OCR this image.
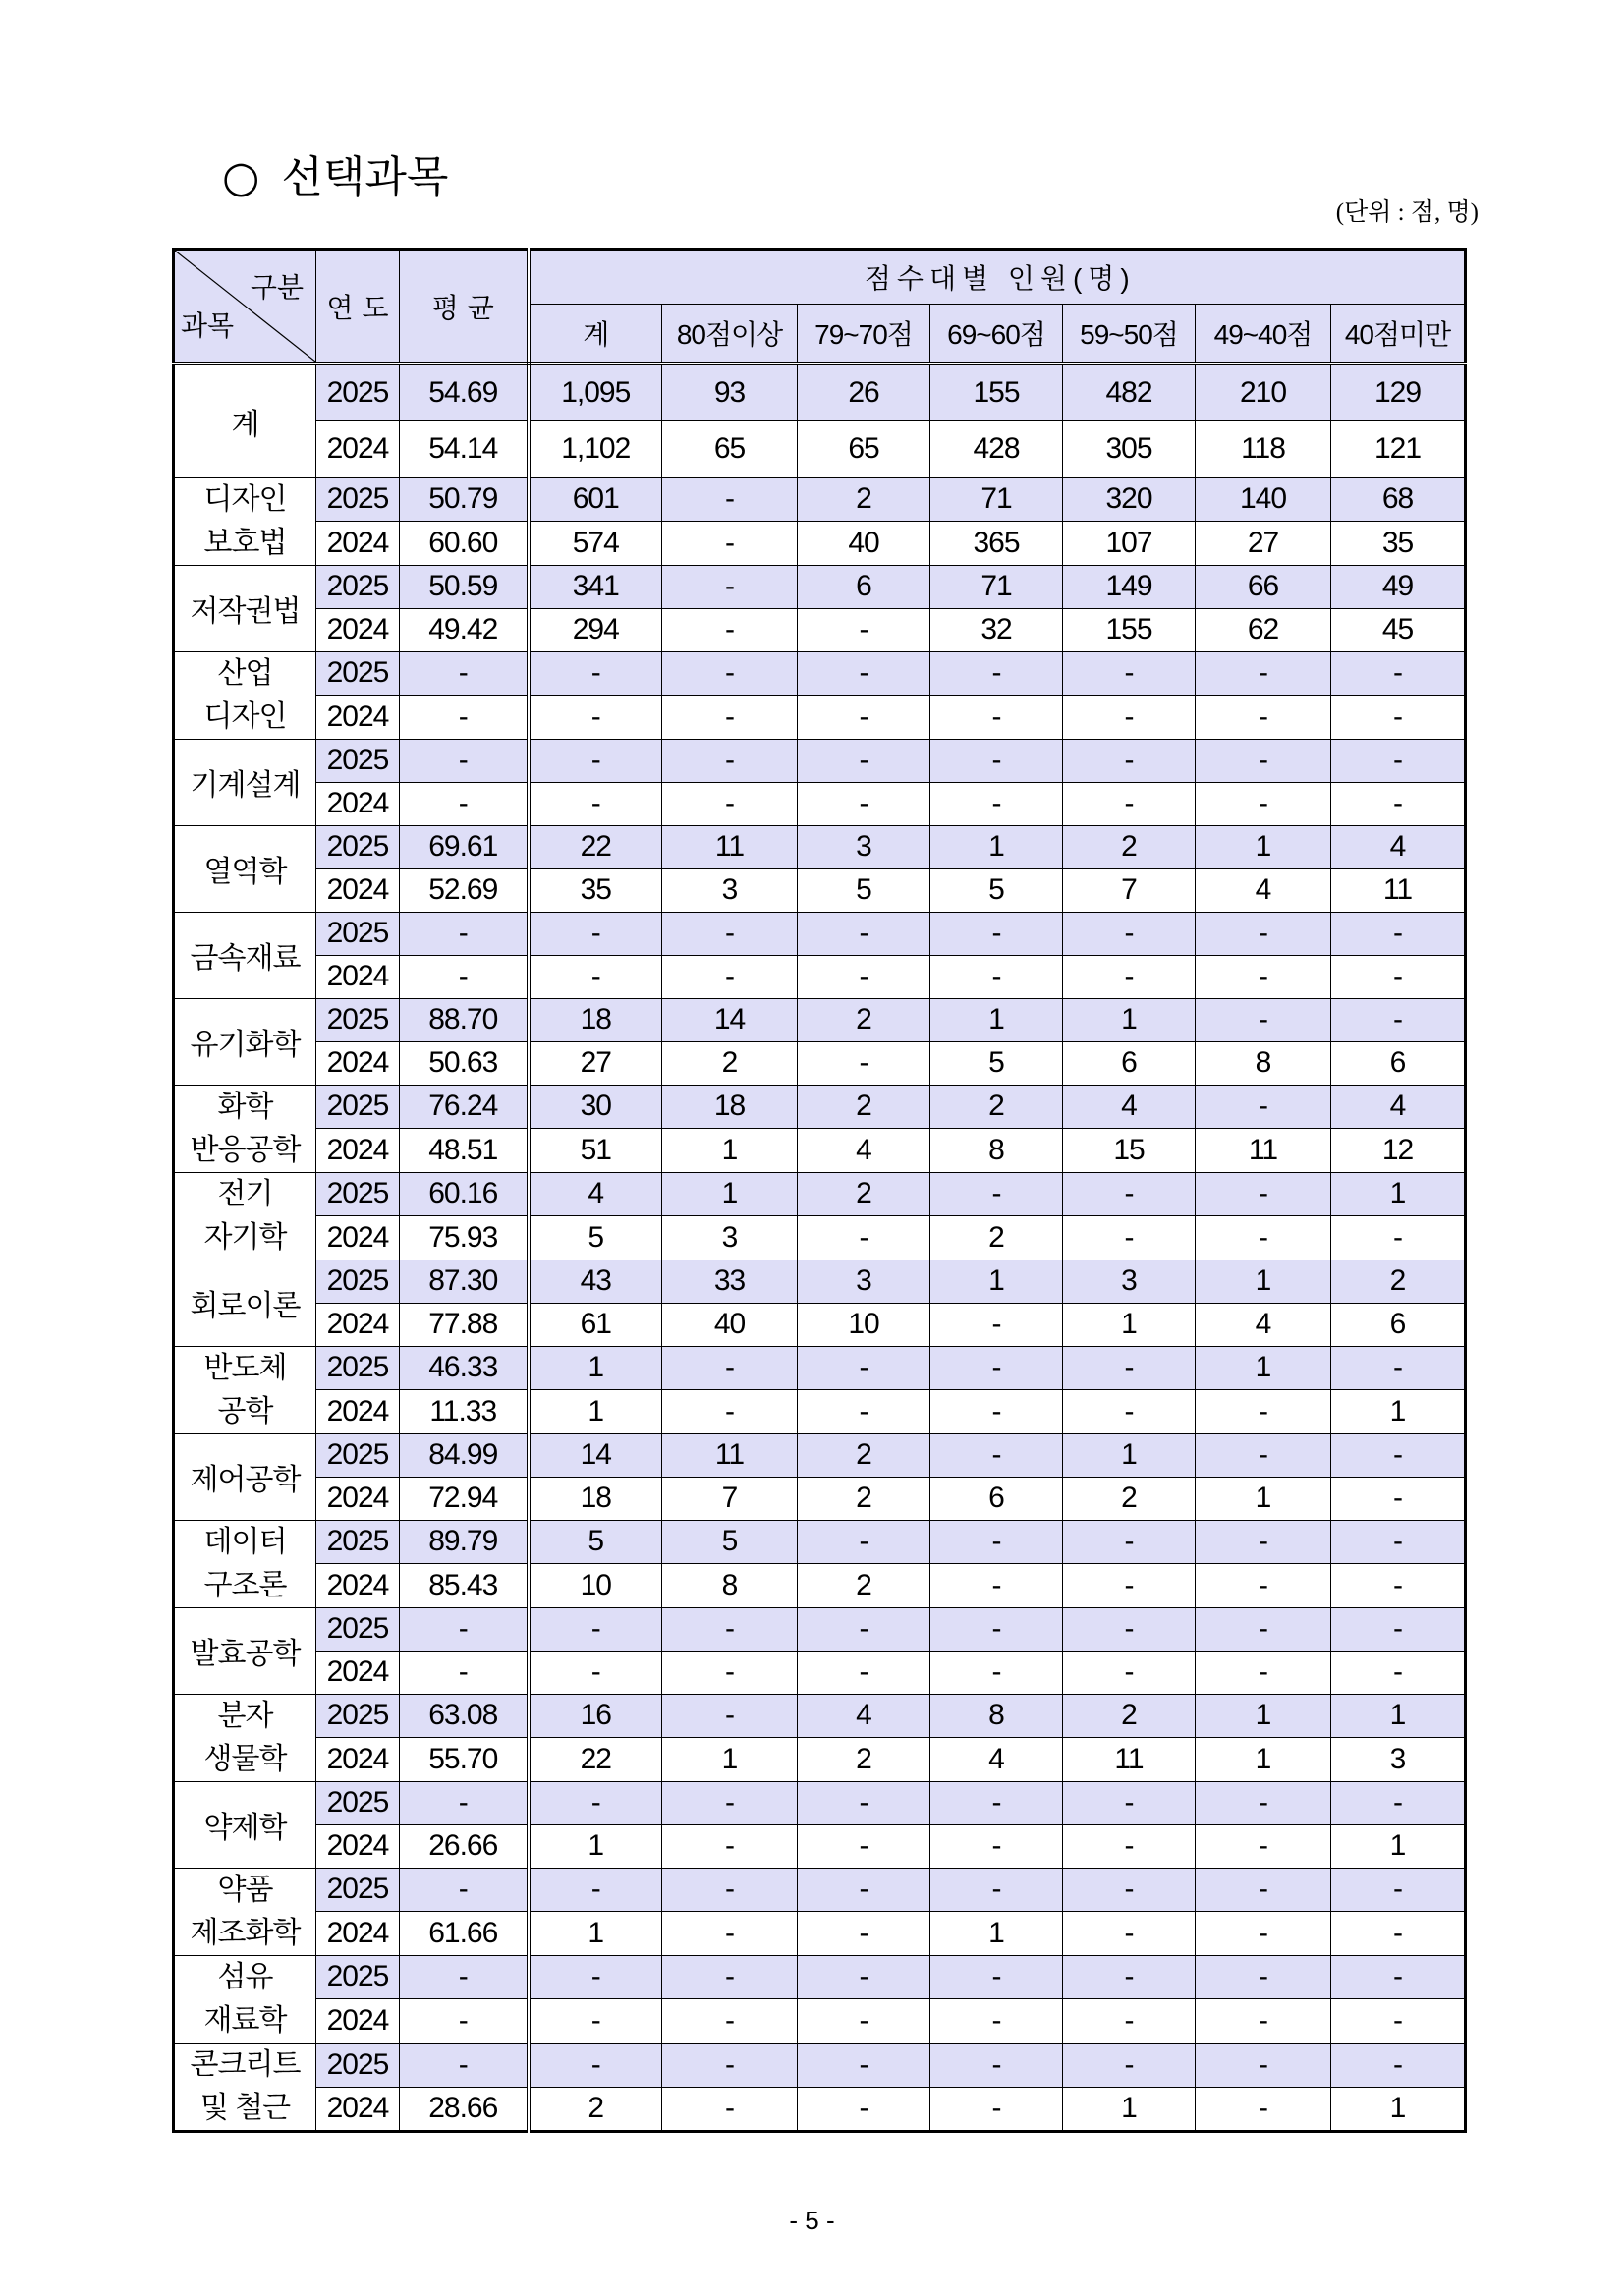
○ 선택과목
(단위 : 점, 명)
구분
과목	연도	평균	점수대별 인원(명)						
			계	80점이상	79~70점	69~60점	59~50점	49~40점	40점미만

계	2025	54.69	1,095	93	26	155	482	210	129
	2024	54.14	1,102	65	65	428	305	118	121

디자인
보호법	2025	50.79	601	-	2	71	320	140	68
	2024	60.60	574	-	40	365	107	27	35

저작권법	2025	50.59	341	-	6	71	149	66	49
	2024	49.42	294	-	-	32	155	62	45

산업
디자인	2025	-	-	-	-	-	-	-	-
	2024	-	-	-	-	-	-	-	-

기계설계	2025	-	-	-	-	-	-	-	-
	2024	-	-	-	-	-	-	-	-

열역학	2025	69.61	22	11	3	1	2	1	4
	2024	52.69	35	3	5	5	7	4	11

금속재료	2025	-	-	-	-	-	-	-	-
	2024	-	-	-	-	-	-	-	-

유기화학	2025	88.70	18	14	2	1	1	-	-
	2024	50.63	27	2	-	5	6	8	6

화학
반응공학	2025	76.24	30	18	2	2	4	-	4
	2024	48.51	51	1	4	8	15	11	12

전기
자기학	2025	60.16	4	1	2	-	-	-	1
	2024	75.93	5	3	-	2	-	-	-

회로이론	2025	87.30	43	33	3	1	3	1	2
	2024	77.88	61	40	10	-	1	4	6

반도체
공학	2025	46.33	1	-	-	-	-	1	-
	2024	11.33	1	-	-	-	-	-	1

제어공학	2025	84.99	14	11	2	-	1	-	-
	2024	72.94	18	7	2	6	2	1	-

데이터
구조론	2025	89.79	5	5	-	-	-	-	-
	2024	85.43	10	8	2	-	-	-	-

발효공학	2025	-	-	-	-	-	-	-	-
	2024	-	-	-	-	-	-	-	-

분자
생물학	2025	63.08	16	-	4	8	2	1	1
	2024	55.70	22	1	2	4	11	1	3

약제학	2025	-	-	-	-	-	-	-	-
	2024	26.66	1	-	-	-	-	-	1

약품
제조화학	2025	-	-	-	-	-	-	-	-
	2024	61.66	1	-	-	1	-	-	-

섬유
재료학	2025	-	-	-	-	-	-	-	-
	2024	-	-	-	-	-	-	-	-

콘크리트
및 철근	2025	-	-	-	-	-	-	-	-
	2024	28.66	2	-	-	-	1	-	1
- 5 -
